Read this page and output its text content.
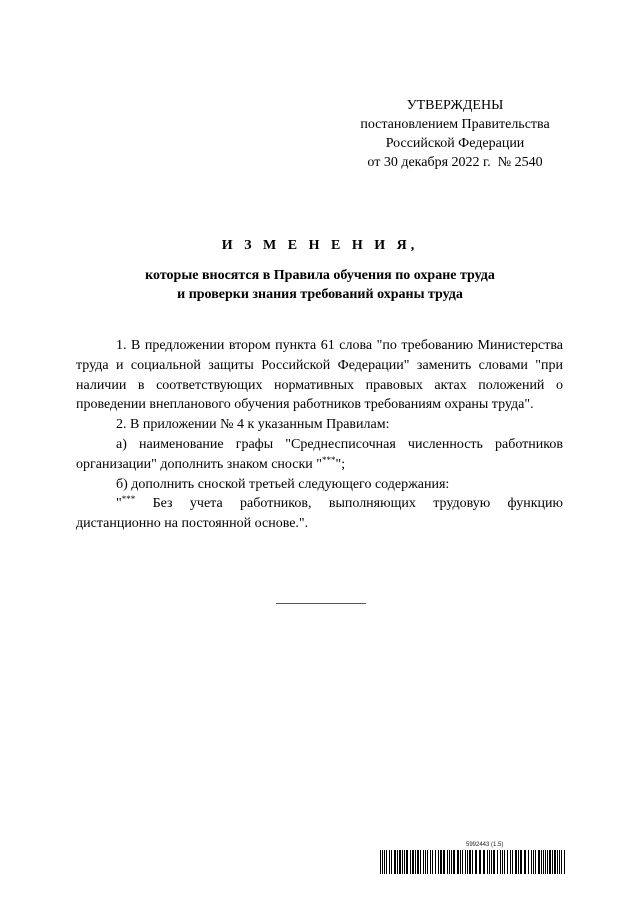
УТВЕРЖДЕНЫ
постановлением Правительства
Российской Федерации
от 30 декабря 2022 г.  № 2540
И З М Е Н Е Н И Я,
которые вносятся в Правила обучения по охране труда
и проверки знания требований охраны труда

1. В предложении втором пункта 61 слова "по требованию Министерства труда и социальной защиты Российской Федерации" заменить словами "при наличии в соответствующих нормативных правовых актах положений о проведении внепланового обучения работников требованиям охраны труда".

2. В приложении № 4 к указанным Правилам:

а) наименование графы "Среднесписочная численность работников организации" дополнить знаком сноски "***";

б) дополнить сноской третьей следующего содержания:

"*** Без учета работников, выполняющих трудовую функцию дистанционно на постоянной основе.".

5992443 (1.5)
